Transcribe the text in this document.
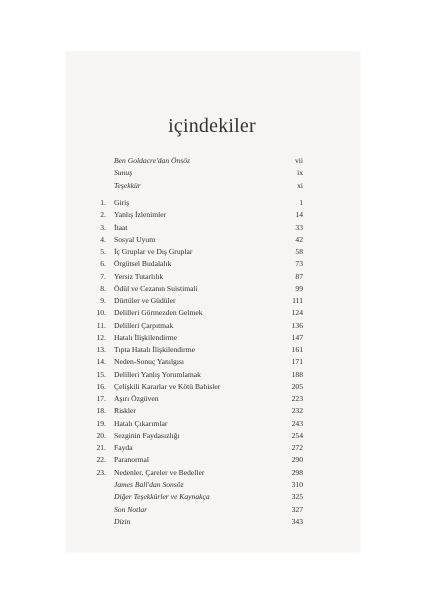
içindekiler
Ben Goldacre'dan Önsöz	vii
Sunuş	ix
Teşekkür	xi
1. Giriş	1
2. Yanlış İzlenimler	14
3. İtaat	33
4. Sosyal Uyum	42
5. İç Gruplar ve Dış Gruplar	58
6. Örgütsel Budalalık	73
7. Yersiz Tutarlılık	87
8. Ödül ve Cezanın Suistimali	99
9. Dürtüler ve Güdüler	111
10. Delilleri Görmezden Gelmek	124
11. Delilleri Çarpıtmak	136
12. Hatalı İlişkilendirme	147
13. Tıpta Hatalı İlişkilendirme	161
14. Neden-Sonuç Yanılgısı	171
15. Delilleri Yanlış Yorumlamak	188
16. Çelişkili Kararlar ve Kötü Bahisler	205
17. Aşırı Özgüven	223
18. Riskler	232
19. Hatalı Çıkarımlar	243
20. Sezginin Faydasızlığı	254
21. Fayda	272
22. Paranormal	290
23. Nedenler, Çareler ve Bedeller	298
James Ball'dan Sonsöz	310
Diğer Teşekkürler ve Kaynakça	325
Son Notlar	327
Dizin	343
